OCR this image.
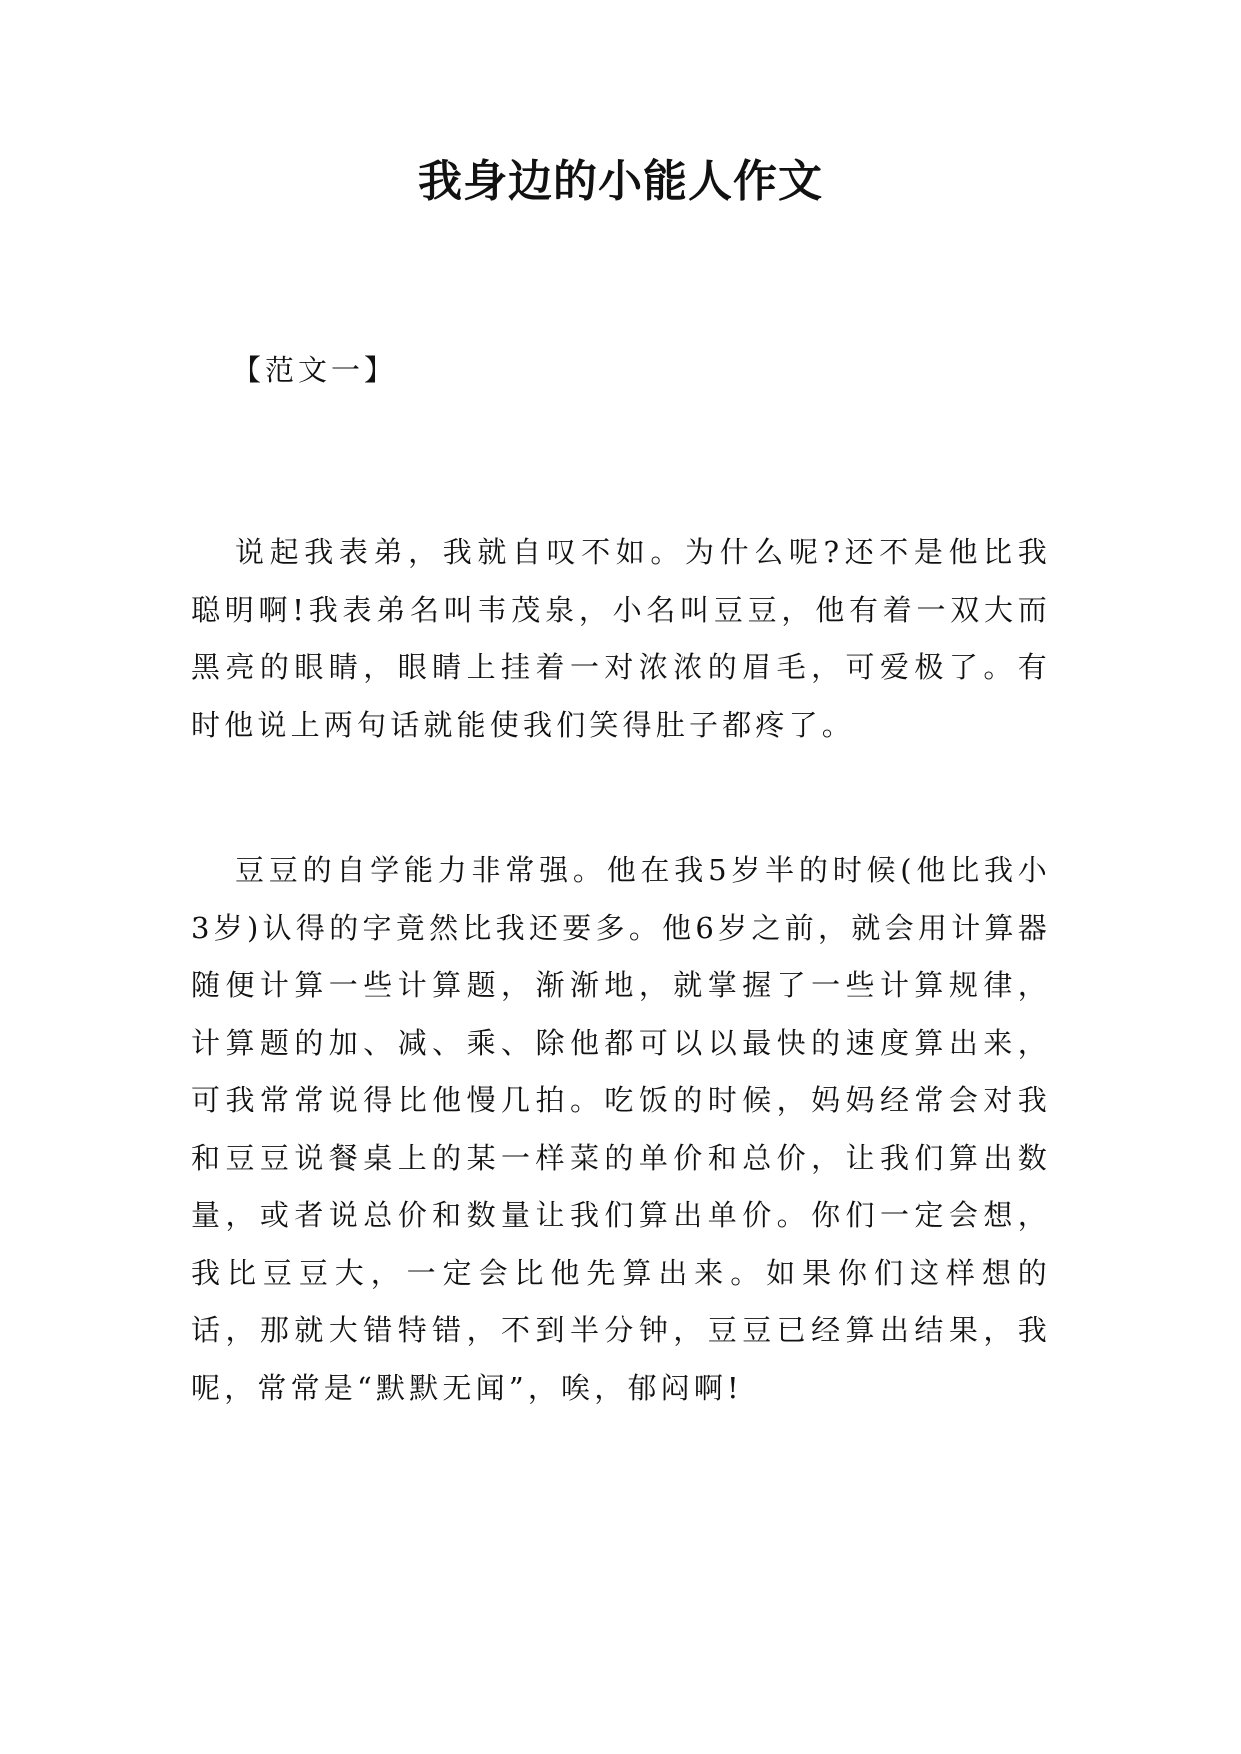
我身边的小能人作文

【范文一】

说起我表弟，我就自叹不如。为什么呢?还不是他比我聪明啊!我表弟名叫韦茂泉，小名叫豆豆，他有着一双大而黑亮的眼睛，眼睛上挂着一对浓浓的眉毛，可爱极了。有时他说上两句话就能使我们笑得肚子都疼了。

豆豆的自学能力非常强。他在我5岁半的时候(他比我小3岁)认得的字竟然比我还要多。他6岁之前，就会用计算器随便计算一些计算题，渐渐地，就掌握了一些计算规律，计算题的加、减、乘、除他都可以以最快的速度算出来，可我常常说得比他慢几拍。吃饭的时候，妈妈经常会对我和豆豆说餐桌上的某一样菜的单价和总价，让我们算出数量，或者说总价和数量让我们算出单价。你们一定会想，我比豆豆大，一定会比他先算出来。如果你们这样想的话，那就大错特错，不到半分钟，豆豆已经算出结果，我呢，常常是“默默无闻”，唉，郁闷啊!
